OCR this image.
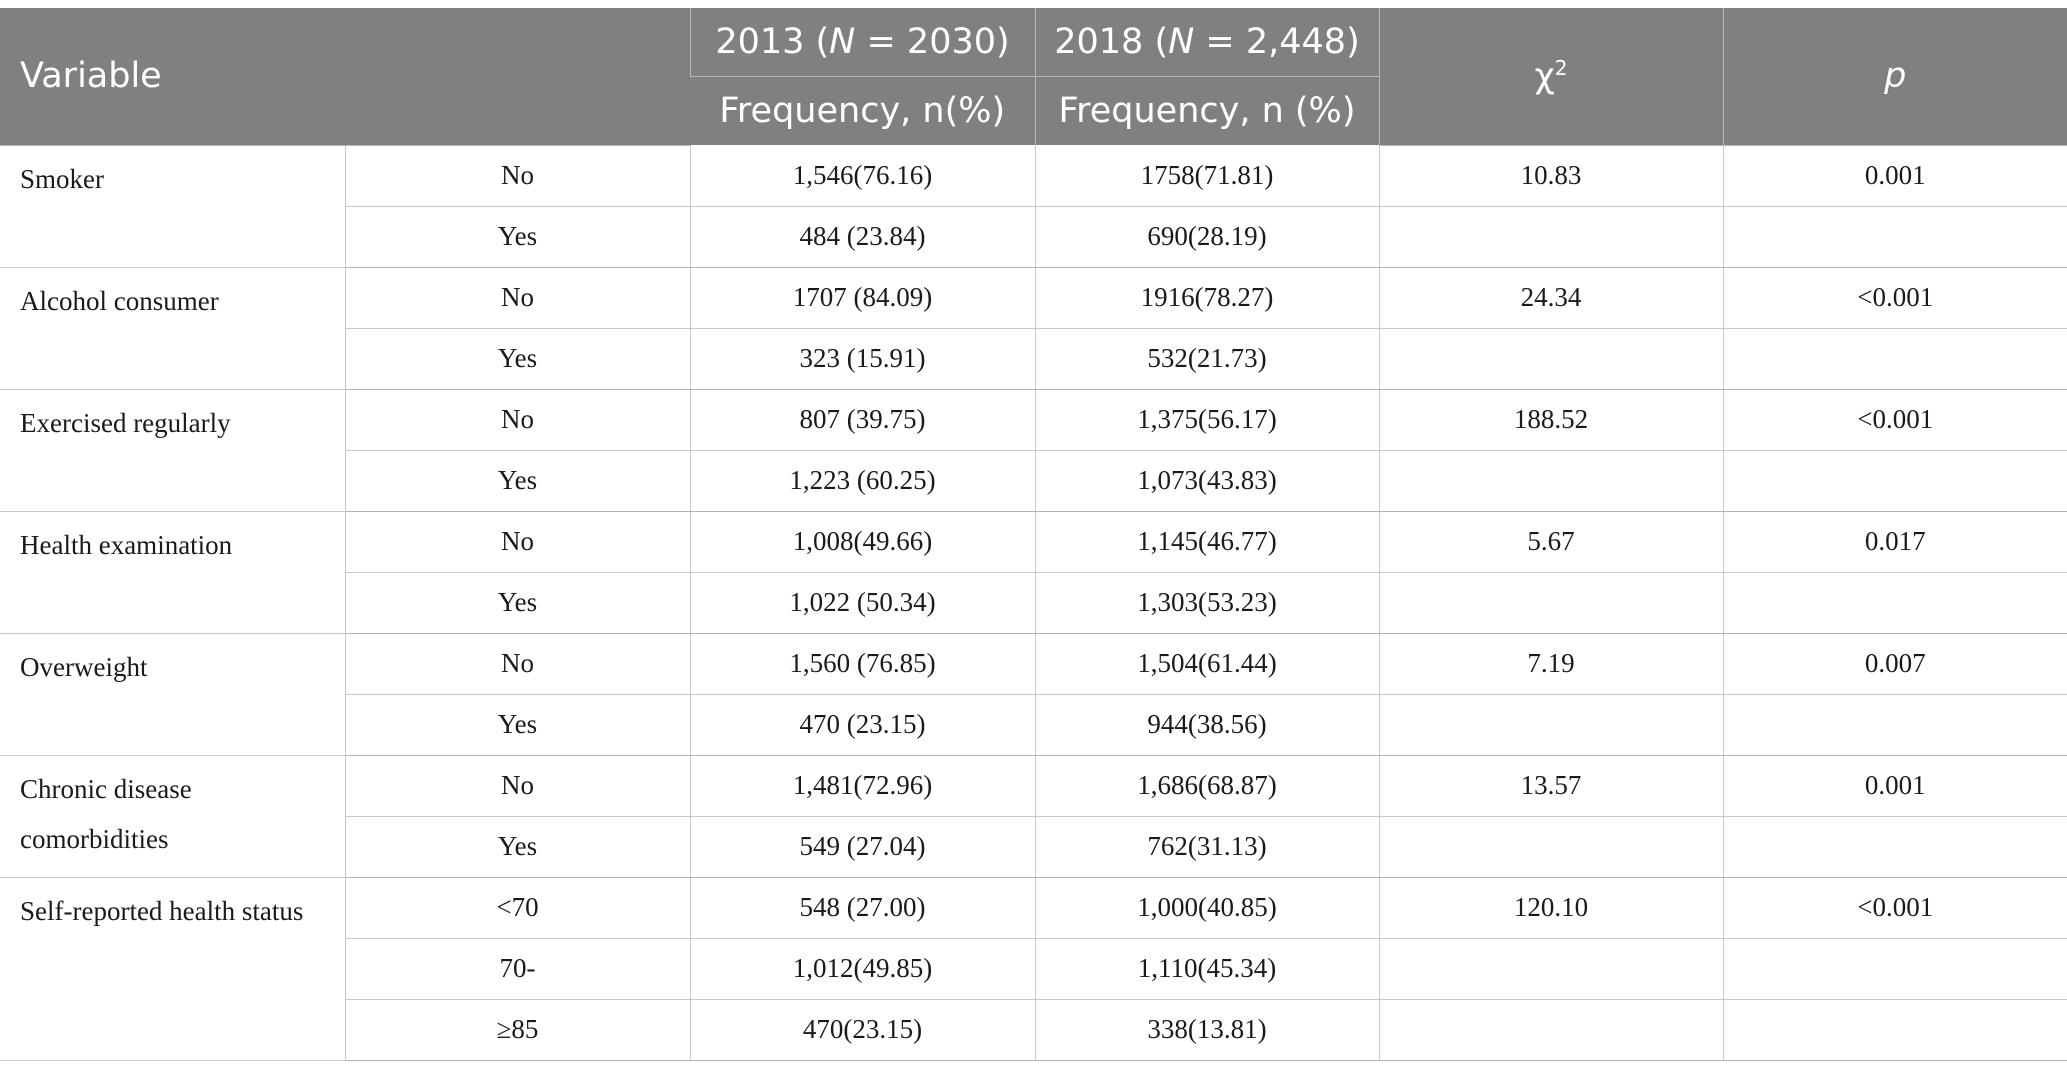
Variable		2013 (N = 2030)	2018 (N = 2,448)	$\chi^2$	p
		Frequency, n(%)	Frequency, n (%)		
Smoker	No	1,546(76.16)	1758(71.81)	10.83	0.001
	Yes	484 (23.84)	690(28.19)		
Alcohol consumer	No	1707 (84.09)	1916(78.27)	24.34	<0.001
	Yes	323 (15.91)	532(21.73)		
Exercised regularly	No	807 (39.75)	1,375(56.17)	188.52	<0.001
	Yes	1,223 (60.25)	1,073(43.83)		
Health examination	No	1,008(49.66)	1,145(46.77)	5.67	0.017
	Yes	1,022 (50.34)	1,303(53.23)		
Overweight	No	1,560 (76.85)	1,504(61.44)	7.19	0.007
	Yes	470 (23.15)	944(38.56)		
Chronic disease comorbidities	No	1,481(72.96)	1,686(68.87)	13.57	0.001
	Yes	549 (27.04)	762(31.13)		
Self-reported health status	<70	548 (27.00)	1,000(40.85)	120.10	<0.001
	70-	1,012(49.85)	1,110(45.34)		
	≥85	470(23.15)	338(13.81)		
